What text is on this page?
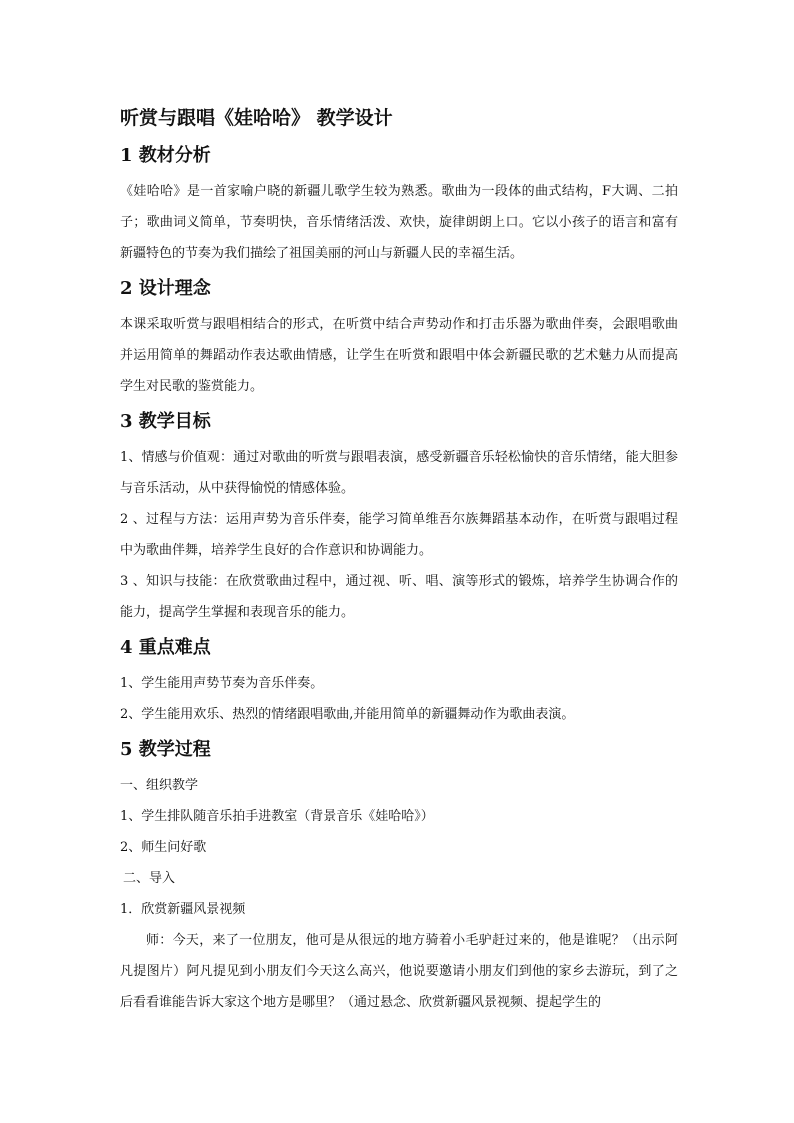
听赏与跟唱《娃哈哈》 教学设计
1 教材分析

《娃哈哈》是一首家喻户晓的新疆儿歌学生较为熟悉。歌曲为一段体的曲式结构，F大调、二拍子；歌曲词义简单，节奏明快，音乐情绪活泼、欢快，旋律朗朗上口。它以小孩子的语言和富有新疆特色的节奏为我们描绘了祖国美丽的河山与新疆人民的幸福生活。

2 设计理念

本课采取听赏与跟唱相结合的形式，在听赏中结合声势动作和打击乐器为歌曲伴奏，会跟唱歌曲并运用简单的舞蹈动作表达歌曲情感，让学生在听赏和跟唱中体会新疆民歌的艺术魅力从而提高学生对民歌的鉴赏能力。

3 教学目标

1、情感与价值观：通过对歌曲的听赏与跟唱表演，感受新疆音乐轻松愉快的音乐情绪，能大胆参与音乐活动，从中获得愉悦的情感体验。

2 、过程与方法：运用声势为音乐伴奏，能学习简单维吾尔族舞蹈基本动作，在听赏与跟唱过程中为歌曲伴舞，培养学生良好的合作意识和协调能力。

3 、知识与技能：在欣赏歌曲过程中，通过视、听、唱、演等形式的锻炼，培养学生协调合作的能力，提高学生掌握和表现音乐的能力。

4 重点难点

1、学生能用声势节奏为音乐伴奏。

2、学生能用欢乐、热烈的情绪跟唱歌曲,并能用简单的新疆舞动作为歌曲表演。

5 教学过程

一、组织教学

1、学生排队随音乐拍手进教室（背景音乐《娃哈哈》）

2、师生问好歌

二、导入

1．欣赏新疆风景视频

师：今天，来了一位朋友，他可是从很远的地方骑着小毛驴赶过来的，他是谁呢？（出示阿凡提图片）阿凡提见到小朋友们今天这么高兴，他说要邀请小朋友们到他的家乡去游玩，到了之后看看谁能告诉大家这个地方是哪里？（通过悬念、欣赏新疆风景视频、提起学生的
